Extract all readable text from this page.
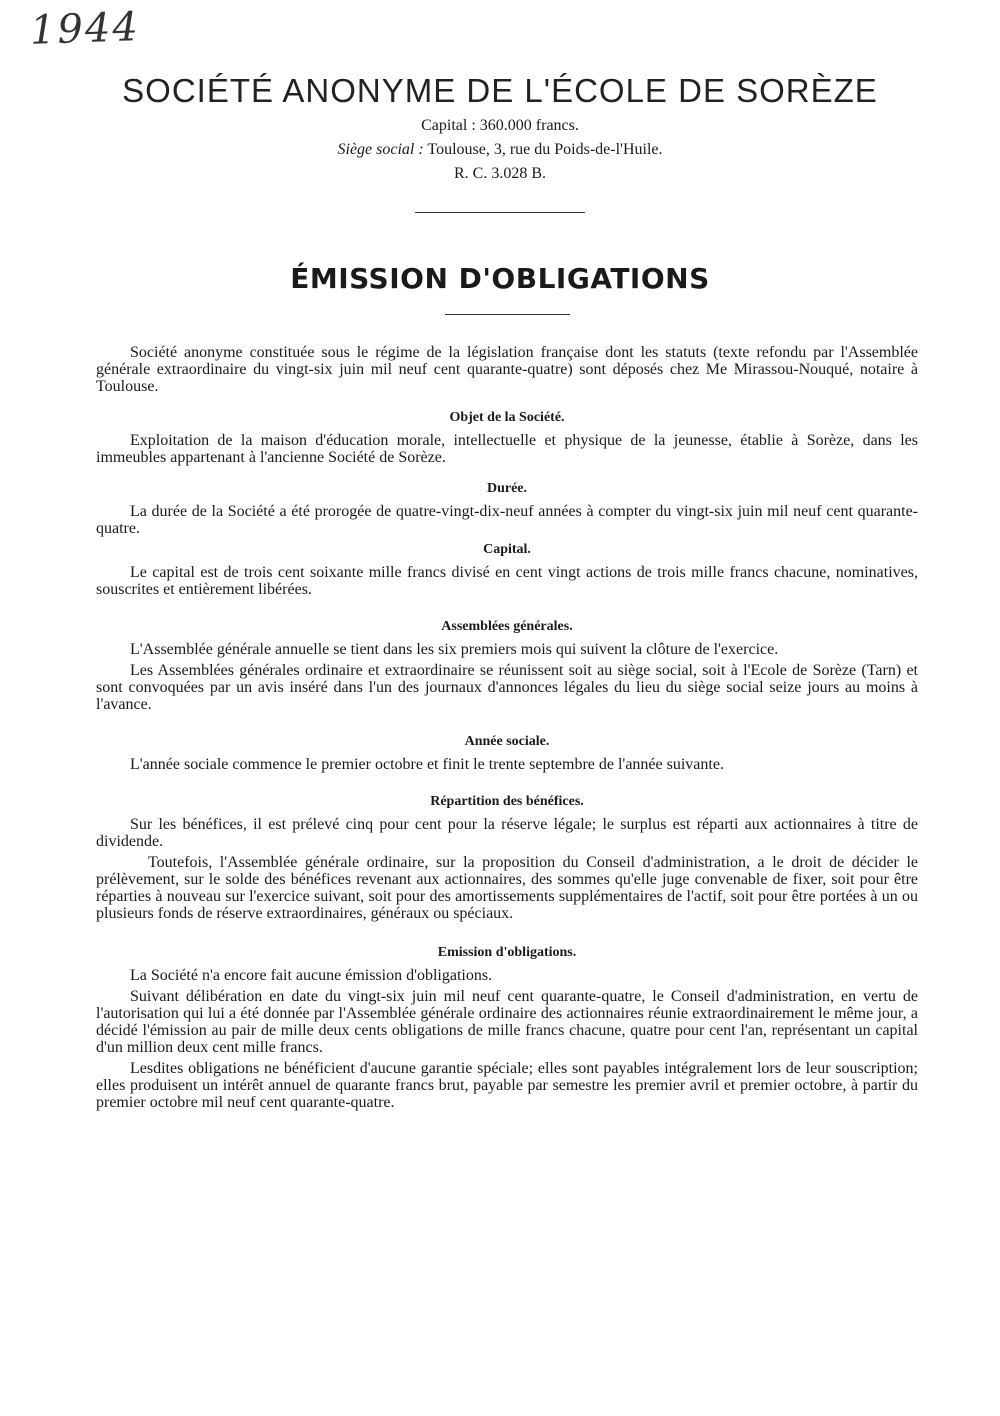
1944
SOCIÉTÉ ANONYME DE L'ÉCOLE DE SORÈZE
Capital : 360.000 francs.
Siège social : Toulouse, 3, rue du Poids-de-l'Huile.
R. C. 3.028 B.
ÉMISSION D'OBLIGATIONS

Société anonyme constituée sous le régime de la législation française dont les statuts (texte refondu par l'Assemblée générale extraordinaire du vingt-six juin mil neuf cent quarante-quatre) sont déposés chez Me Mirassou-Nouqué, notaire à Toulouse.

Objet de la Société.

Exploitation de la maison d'éducation morale, intellectuelle et physique de la jeunesse, établie à Sorèze, dans les immeubles appartenant à l'ancienne Société de Sorèze.

Durée.

La durée de la Société a été prorogée de quatre-vingt-dix-neuf années à compter du vingt-six juin mil neuf cent quarante-quatre.

Capital.

Le capital est de trois cent soixante mille francs divisé en cent vingt actions de trois mille francs chacune, nominatives, souscrites et entièrement libérées.

Assemblées générales.

L'Assemblée générale annuelle se tient dans les six premiers mois qui suivent la clôture de l'exercice.

Les Assemblées générales ordinaire et extraordinaire se réunissent soit au siège social, soit à l'Ecole de Sorèze (Tarn) et sont convoquées par un avis inséré dans l'un des journaux d'annonces légales du lieu du siège social seize jours au moins à l'avance.

Année sociale.

L'année sociale commence le premier octobre et finit le trente septembre de l'année suivante.

Répartition des bénéfices.

Sur les bénéfices, il est prélevé cinq pour cent pour la réserve légale; le surplus est réparti aux actionnaires à titre de dividende.

Toutefois, l'Assemblée générale ordinaire, sur la proposition du Conseil d'administration, a le droit de décider le prélèvement, sur le solde des bénéfices revenant aux actionnaires, des sommes qu'elle juge convenable de fixer, soit pour être réparties à nouveau sur l'exercice suivant, soit pour des amortissements supplémentaires de l'actif, soit pour être portées à un ou plusieurs fonds de réserve extraordinaires, généraux ou spéciaux.

Emission d'obligations.

La Société n'a encore fait aucune émission d'obligations.

Suivant délibération en date du vingt-six juin mil neuf cent quarante-quatre, le Conseil d'administration, en vertu de l'autorisation qui lui a été donnée par l'Assemblée générale ordinaire des actionnaires réunie extraordinairement le même jour, a décidé l'émission au pair de mille deux cents obligations de mille francs chacune, quatre pour cent l'an, représentant un capital d'un million deux cent mille francs.

Lesdites obligations ne bénéficient d'aucune garantie spéciale; elles sont payables intégralement lors de leur souscription; elles produisent un intérêt annuel de quarante francs brut, payable par semestre les premier avril et premier octobre, à partir du premier octobre mil neuf cent quarante-quatre.
